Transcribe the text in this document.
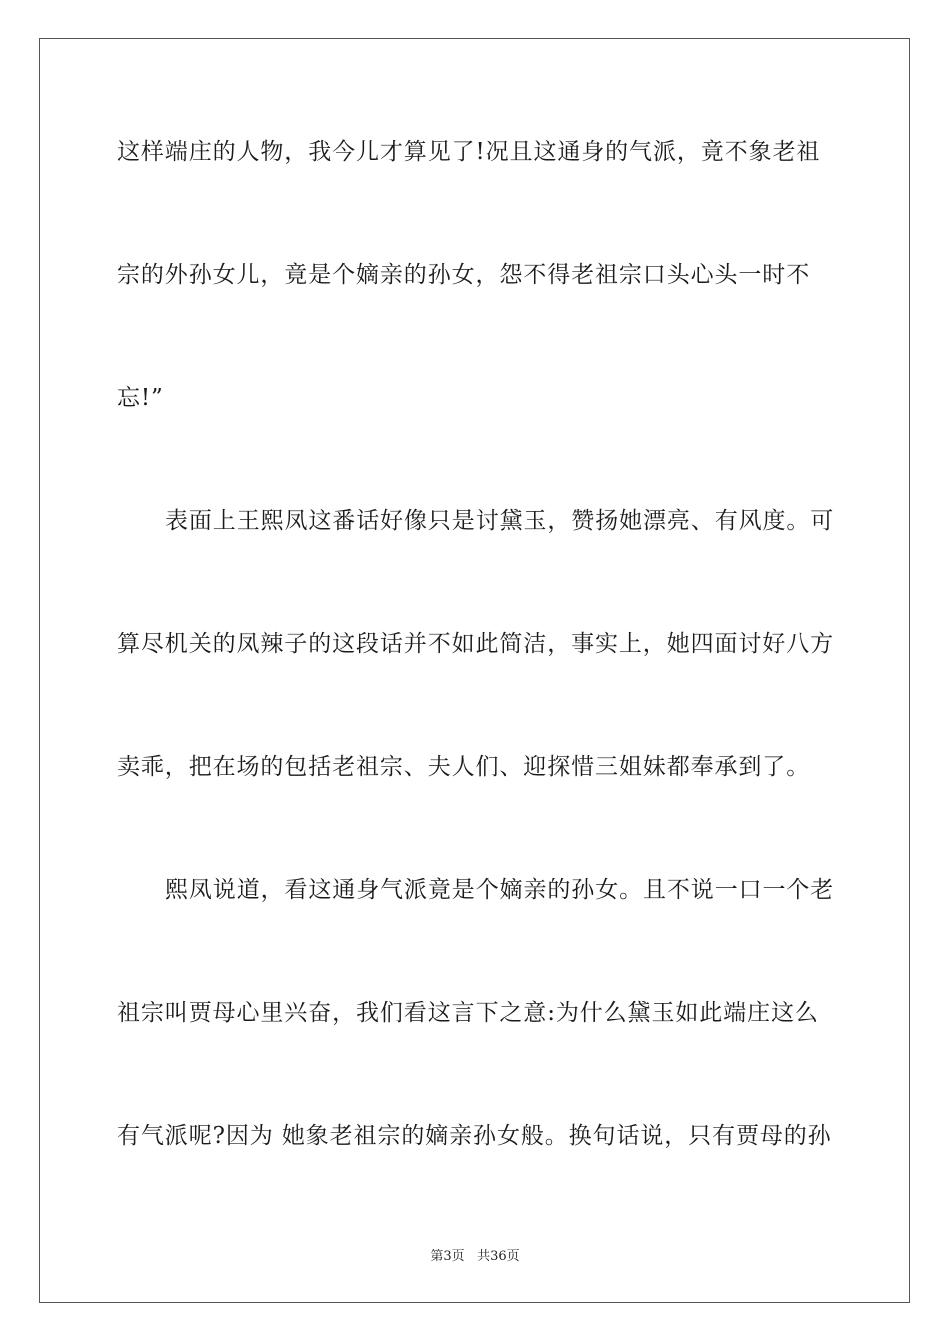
这样端庄的人物，我今儿才算见了!况且这通身的气派，竟不象老祖
宗的外孙女儿，竟是个嫡亲的孙女，怨不得老祖宗口头心头一时不
忘!”
表面上王熙凤这番话好像只是讨黛玉，赞扬她漂亮、有风度。可
算尽机关的凤辣子的这段话并不如此简洁，事实上，她四面讨好八方
卖乖，把在场的包括老祖宗、夫人们、迎探惜三姐妹都奉承到了。
熙凤说道，看这通身气派竟是个嫡亲的孙女。且不说一口一个老
祖宗叫贾母心里兴奋，我们看这言下之意:为什么黛玉如此端庄这么
有气派呢?因为 她象老祖宗的嫡亲孙女般。换句话说，只有贾母的孙
第3页 共36页
